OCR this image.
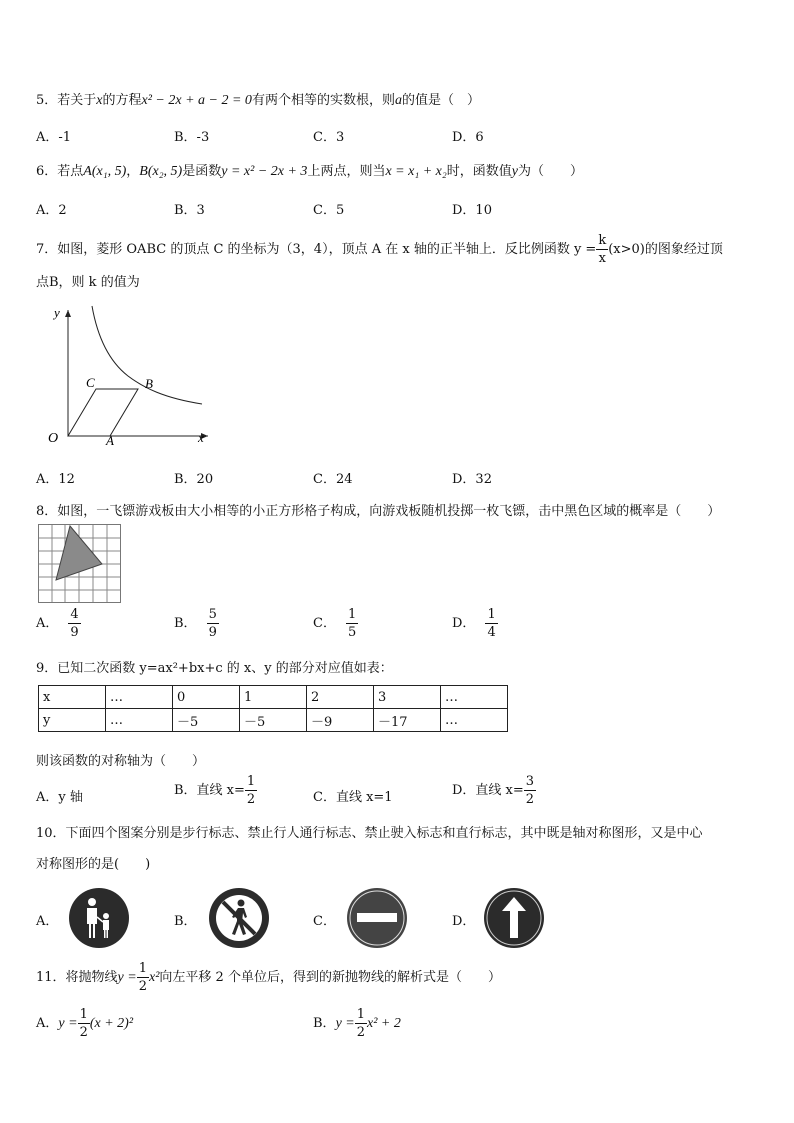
5．若关于x的方程x² − 2x + a − 2 = 0有两个相等的实数根，则a的值是（　）
A．-1	B．-3	C．3	D．6
6．若点A(x₁, 5)，B(x₂, 5)是函数y = x² − 2x + 3上两点，则当x = x₁ + x₂时，函数值y为（　　）
A．2	B．3	C．5	D．10
7．如图，菱形 OABC 的顶点 C 的坐标为（3，4），顶点 A 在 x 轴的正半轴上．反比例函数 $y = \frac{k}{x} (x>0)$的图象经过顶
点B，则 k 的值为
O	A
B
C
y
x
A．12	B．20	C．24	D．32
8．如图，一飞镖游戏板由大小相等的小正方形格子构成，向游戏板随机投掷一枚飞镖，击中黑色区域的概率是（　　）
A． $\frac{4}{9}$	B． $\frac{5}{9}$	C． $\frac{1}{5}$	D． $\frac{1}{4}$
9．已知二次函数 y=ax²+bx+c 的 x、y 的部分对应值如表：
x	…	0	1	2	3	…
y	…	－5	－5	－9	－17	…
则该函数的对称轴为（　　）
A．y 轴	B．直线 $x= \frac{1}{2}$	C．直线 x=1	D．直线 $x= \frac{3}{2}$
10．下面四个图案分别是步行标志、禁止行人通行标志、禁止驶入标志和直行标志，其中既是轴对称图形，又是中心
对称图形的是(　　)
A．	B．	C．	D．
11．将抛物线$y = \frac{1}{2} x^2$向左平移 2 个单位后，得到的新抛物线的解析式是（　　）
A．$y = \frac{1}{2} (x + 2)^2$	B．$y = \frac{1}{2} x^2 + 2$
